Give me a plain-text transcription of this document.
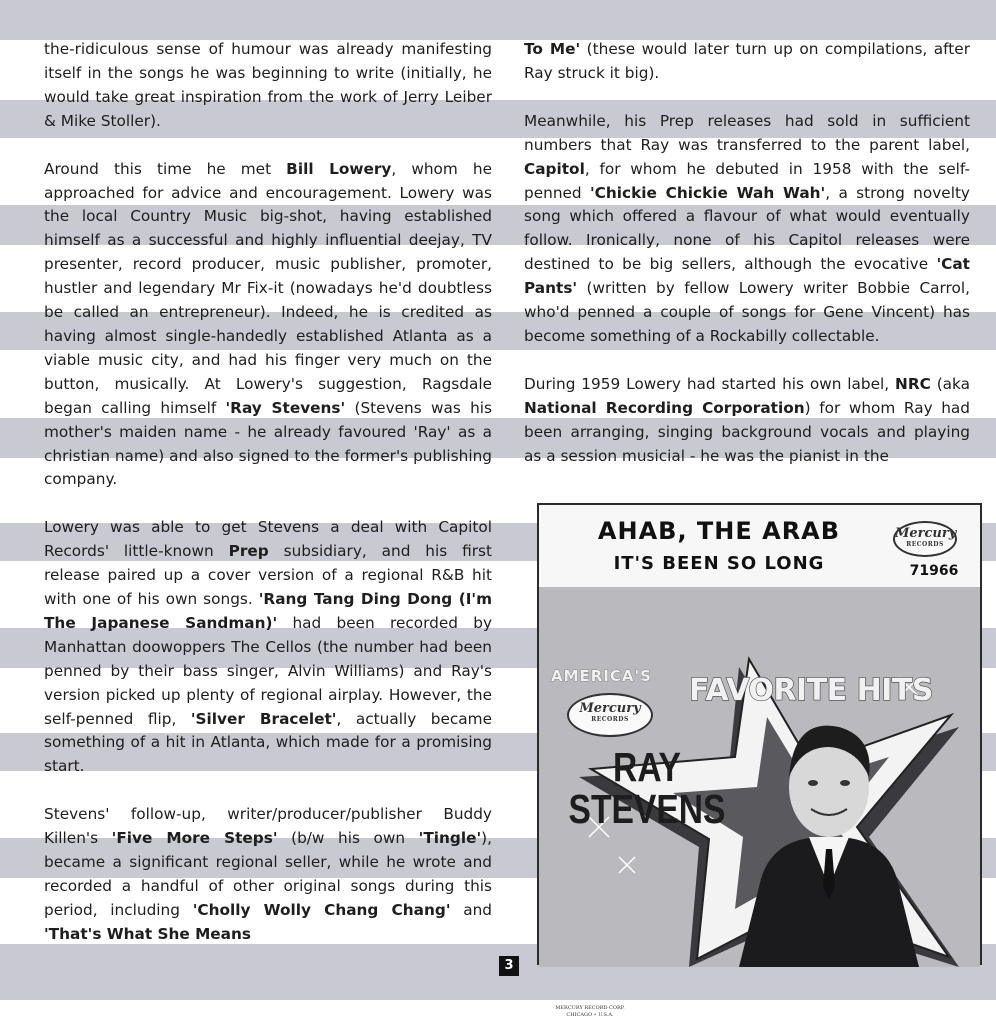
the-ridiculous sense of humour was already manifesting itself in the songs he was beginning to write (initially, he would take great inspiration from the work of Jerry Leiber & Mike Stoller).

Around this time he met Bill Lowery, whom he approached for advice and encouragement. Lowery was the local Country Music big-shot, having established himself as a successful and highly influential deejay, TV presenter, record producer, music publisher, promoter, hustler and legendary Mr Fix-it (nowadays he'd doubtless be called an entrepreneur). Indeed, he is credited as having almost single-handedly established Atlanta as a viable music city, and had his finger very much on the button, musically. At Lowery's suggestion, Ragsdale began calling himself 'Ray Stevens' (Stevens was his mother's maiden name - he already favoured 'Ray' as a christian name) and also signed to the former's publishing company.

Lowery was able to get Stevens a deal with Capitol Records' little-known Prep subsidiary, and his first release paired up a cover version of a regional R&B hit with one of his own songs. 'Rang Tang Ding Dong (I'm The Japanese Sandman)' had been recorded by Manhattan doowoppers The Cellos (the number had been penned by their bass singer, Alvin Williams) and Ray's version picked up plenty of regional airplay. However, the self-penned flip, 'Silver Bracelet', actually became something of a hit in Atlanta, which made for a promising start.

Stevens' follow-up, writer/producer/publisher Buddy Killen's 'Five More Steps' (b/w his own 'Tingle'), became a significant regional seller, while he wrote and recorded a handful of other original songs during this period, including 'Cholly Wolly Chang Chang' and 'That's What She Means

To Me' (these would later turn up on compilations, after Ray struck it big).

Meanwhile, his Prep releases had sold in sufficient numbers that Ray was transferred to the parent label, Capitol, for whom he debuted in 1958 with the self-penned 'Chickie Chickie Wah Wah', a strong novelty song which offered a flavour of what would eventually follow. Ironically, none of his Capitol releases were destined to be big sellers, although the evocative 'Cat Pants' (written by fellow Lowery writer Bobbie Carrol, who'd penned a couple of songs for Gene Vincent) has become something of a Rockabilly collectable.

During 1959 Lowery had started his own label, NRC (aka National Recording Corporation) for whom Ray had been arranging, singing background vocals and playing as a session musicial - he was the pianist in the

AHAB, THE ARAB
IT'S BEEN SO LONG
Mercury
RECORDS
71966
AMERICA'S FAVORITE HITS
Mercury
RECORDS
RAY
STEVENS
MERCURY RECORD CORP.
CHICAGO • U.S.A.
3
